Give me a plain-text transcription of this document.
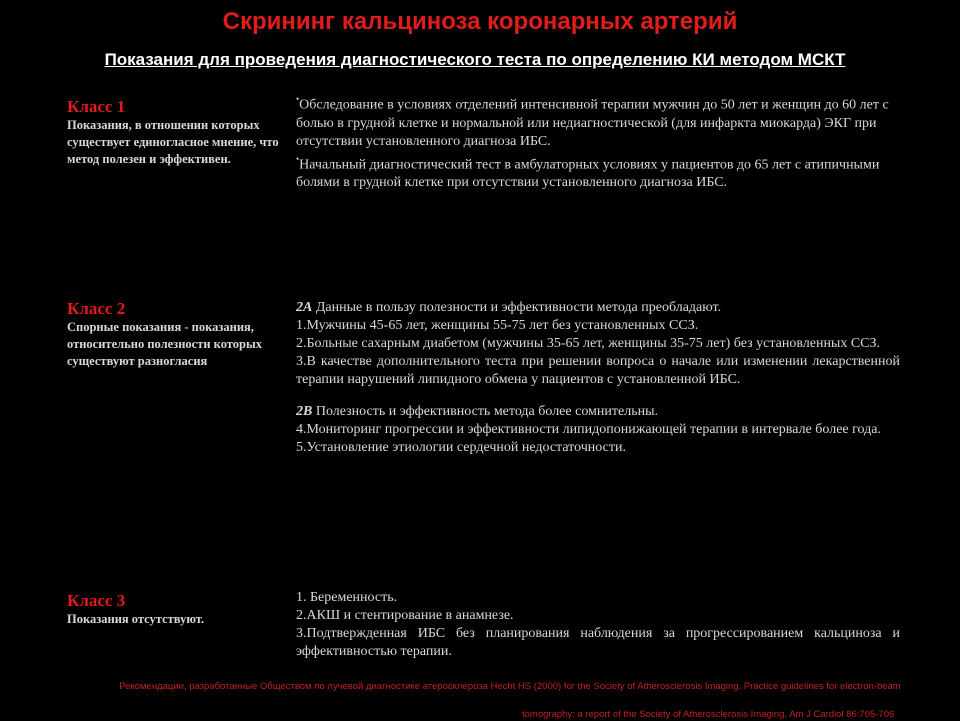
Скрининг кальциноза коронарных артерий
Показания для проведения диагностического теста по определению КИ методом МСКТ
Класс 1
Показания, в отношении которых существует единогласное мнение, что метод полезен и эффективен.

•Обследование в условиях отделений интенсивной терапии мужчин до 50 лет и женщин до 60 лет с болью в грудной клетке и нормальной или недиагностической (для инфаркта миокарда) ЭКГ при отсутствии установленного диагноза ИБС.

•Начальный диагностический тест в амбулаторных условиях у пациентов до 65 лет с атипичными болями в грудной клетке при отсутствии установленного диагноза ИБС.

Класс 2
Спорные показания - показания, относительно полезности которых существуют разногласия

2А Данные в пользу полезности и эффективности метода преобладают.

1.Мужчины 45-65 лет, женщины 55-75 лет без установленных ССЗ.

2.Больные сахарным диабетом (мужчины 35-65 лет, женщины 35-75 лет) без установленных ССЗ.

3.В качестве дополнительного теста при решении вопроса о начале или изменении лекарственной терапии нарушений липидного обмена у пациентов с установленной ИБС.

2В Полезность и эффективность метода более сомнительны.

4.Мониторинг прогрессии и эффективности липидопонижающей терапии в интервале более года.

5.Установление этиологии сердечной недостаточности.

Класс 3
Показания отсутствуют.

1. Беременность.

2.АКШ и стентирование в анамнезе.

3.Подтвержденная ИБС без планирования наблюдения за прогрессированием кальциноза и эффективностью терапии.

Рекомендации, разработанные Обществом по лучевой диагностике атеросклероза Hecht HS (2000) for the Society of Atherosclerosis Imaging. Practice guidelines for electron-beam
tomography: a report of the Society of Atherosclerosis Imaging. Am J Cardiol 86:705-706
